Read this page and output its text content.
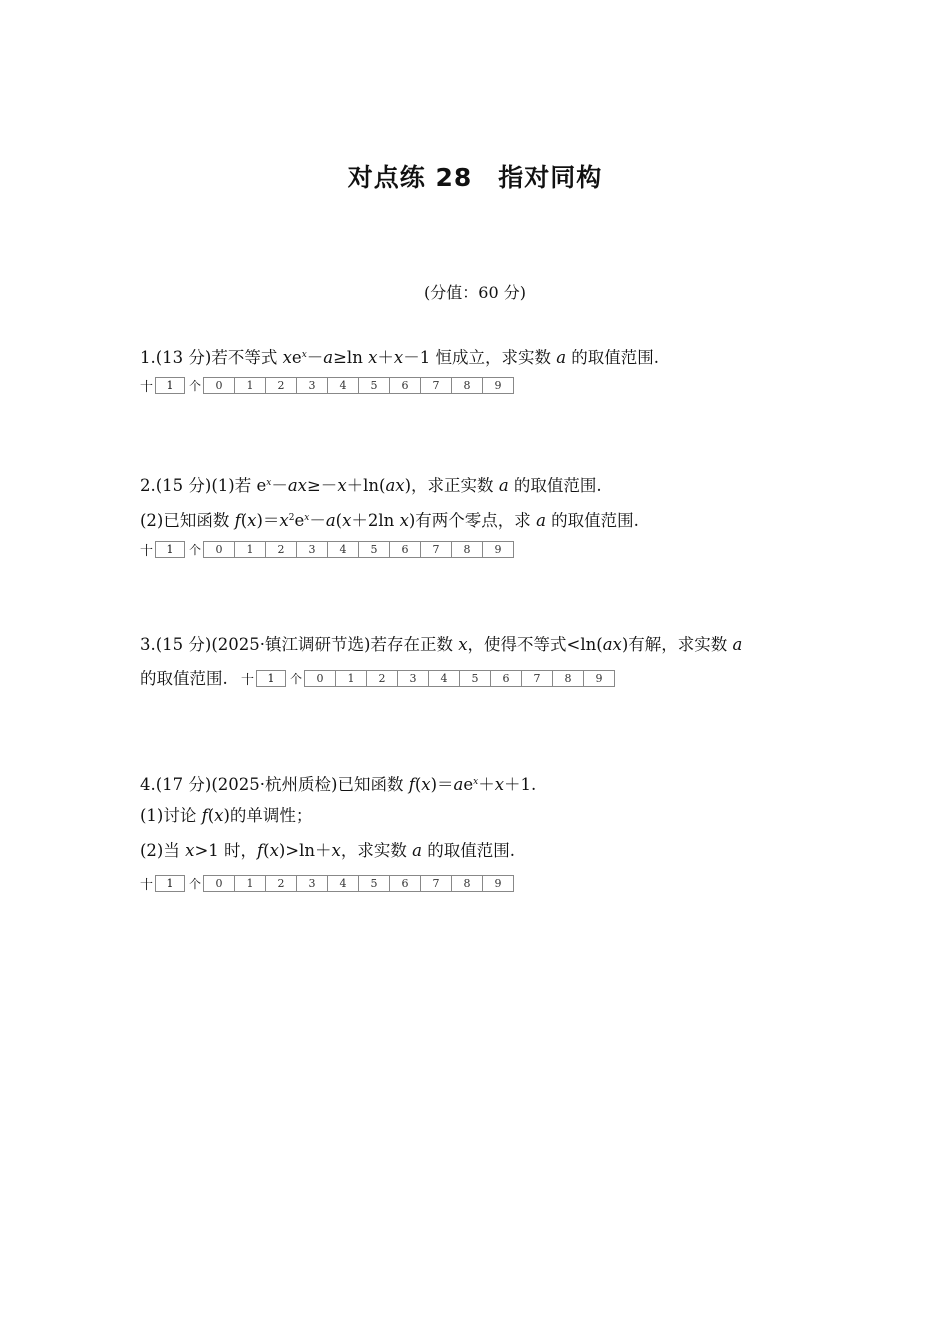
对点练 28　指对同构
(分值：60 分)
1.(13 分)若不等式 $xe^x-a\ge\ln$ x＋x－1 恒成立，求实数 a 的取值范围.
十	1	个	0	1	2	3	4	5	6	7	8	9
2.(15 分)(1)若 $e^x-ax\ge-x+\ln(ax)$，求正实数 a 的取值范围.
(2)已知函数 $f(x)=x^2e^x-a(x+2\ln$ x)有两个零点，求 a 的取值范围.
十	1	个	0	1	2	3	4	5	6	7	8	9
3.(15 分)(2025·镇江调研节选)若存在正数 x，使得不等式<ln(ax)有解，求实数 a
的取值范围. 十	1	个	0	1	2	3	4	5	6	7	8	9
4.(17 分)(2025·杭州质检)已知函数 $f(x)=ae^x+x+1$.
(1)讨论 f(x)的单调性；
(2)当 x>1 时，f(x)>ln＋x，求实数 a 的取值范围.
十	1	个	0	1	2	3	4	5	6	7	8	9
